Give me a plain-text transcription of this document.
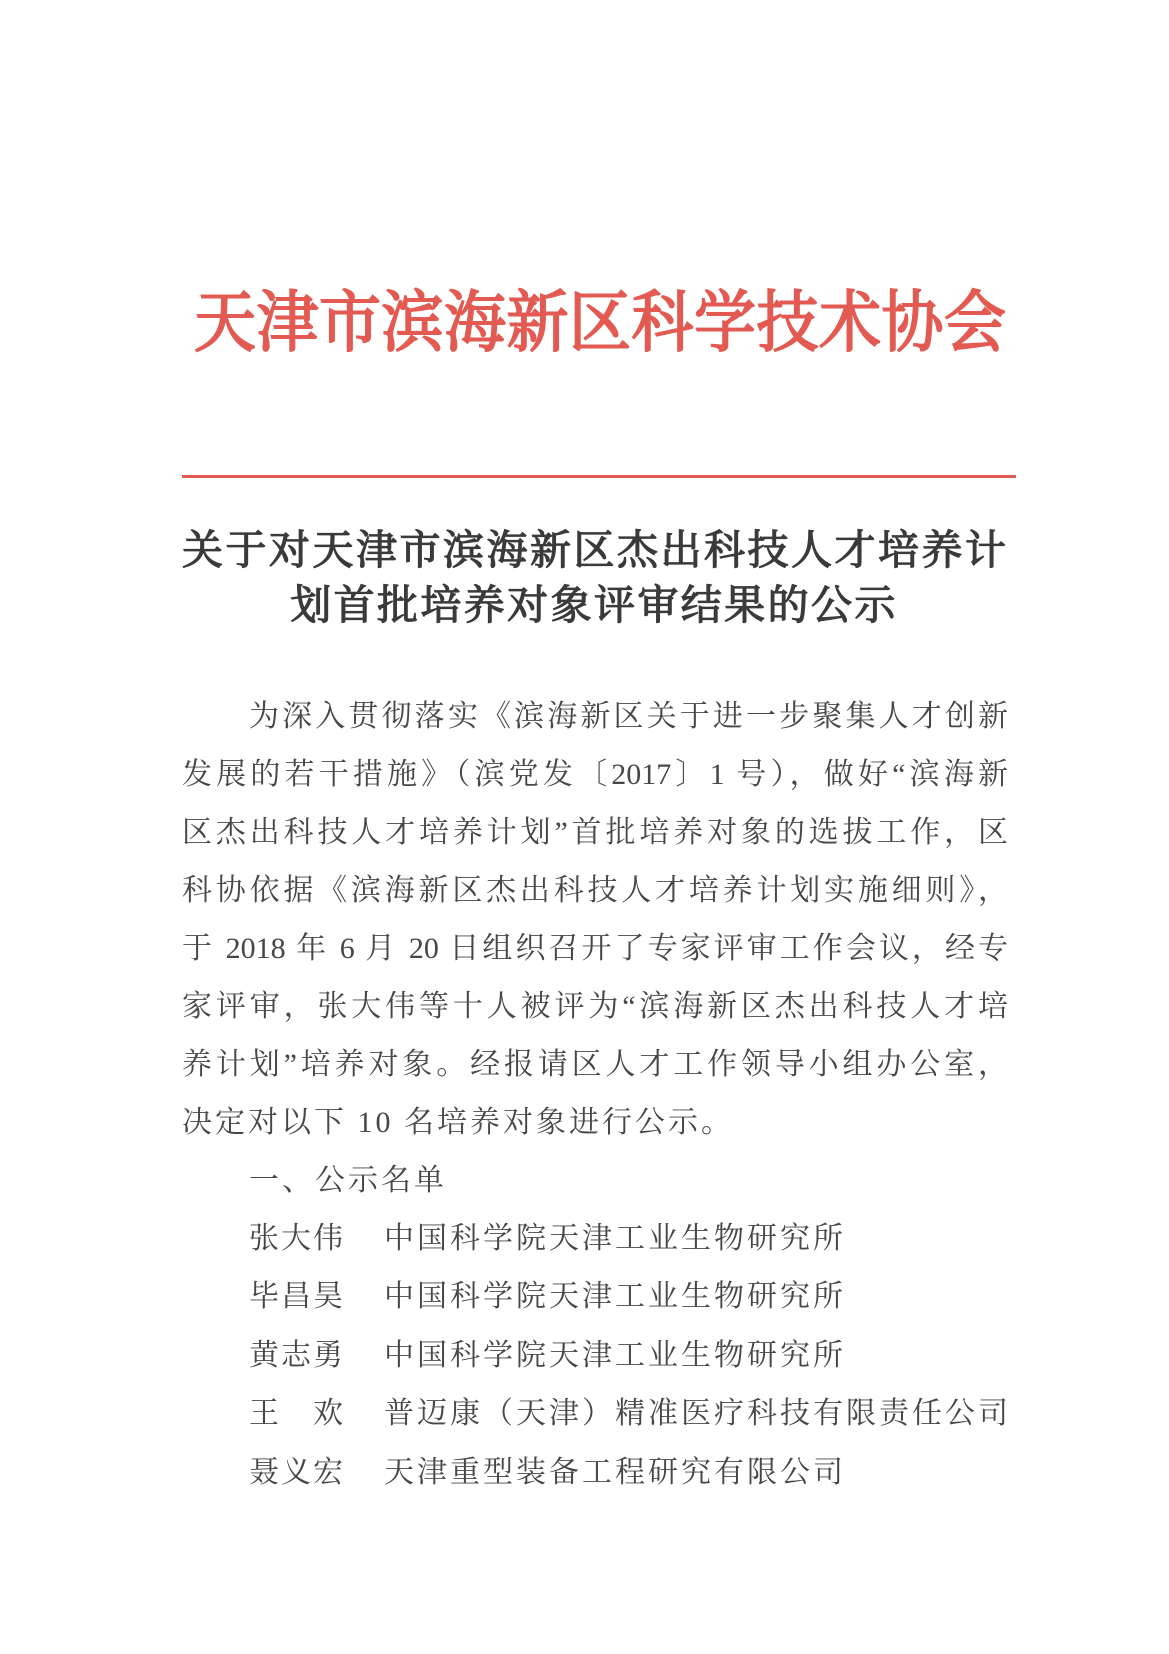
天津市滨海新区科学技术协会
关于对天津市滨海新区杰出科技人才培养计
划首批培养对象评审结果的公示
为深入贯彻落实《滨海新区关于进一步聚集人才创新
发展的若干措施》（滨党发〔2017〕1 号），做好“滨海新
区杰出科技人才培养计划”首批培养对象的选拔工作，区
科协依据《滨海新区杰出科技人才培养计划实施细则》，
于 2018 年 6 月 20 日组织召开了专家评审工作会议，经专
家评审，张大伟等十人被评为“滨海新区杰出科技人才培
养计划”培养对象。经报请区人才工作领导小组办公室，
决定对以下 10 名培养对象进行公示。
一、公示名单
张大伟 中国科学院天津工业生物研究所
毕昌昊 中国科学院天津工业生物研究所
黄志勇 中国科学院天津工业生物研究所
王　欢 普迈康（天津）精准医疗科技有限责任公司
聂义宏 天津重型装备工程研究有限公司
